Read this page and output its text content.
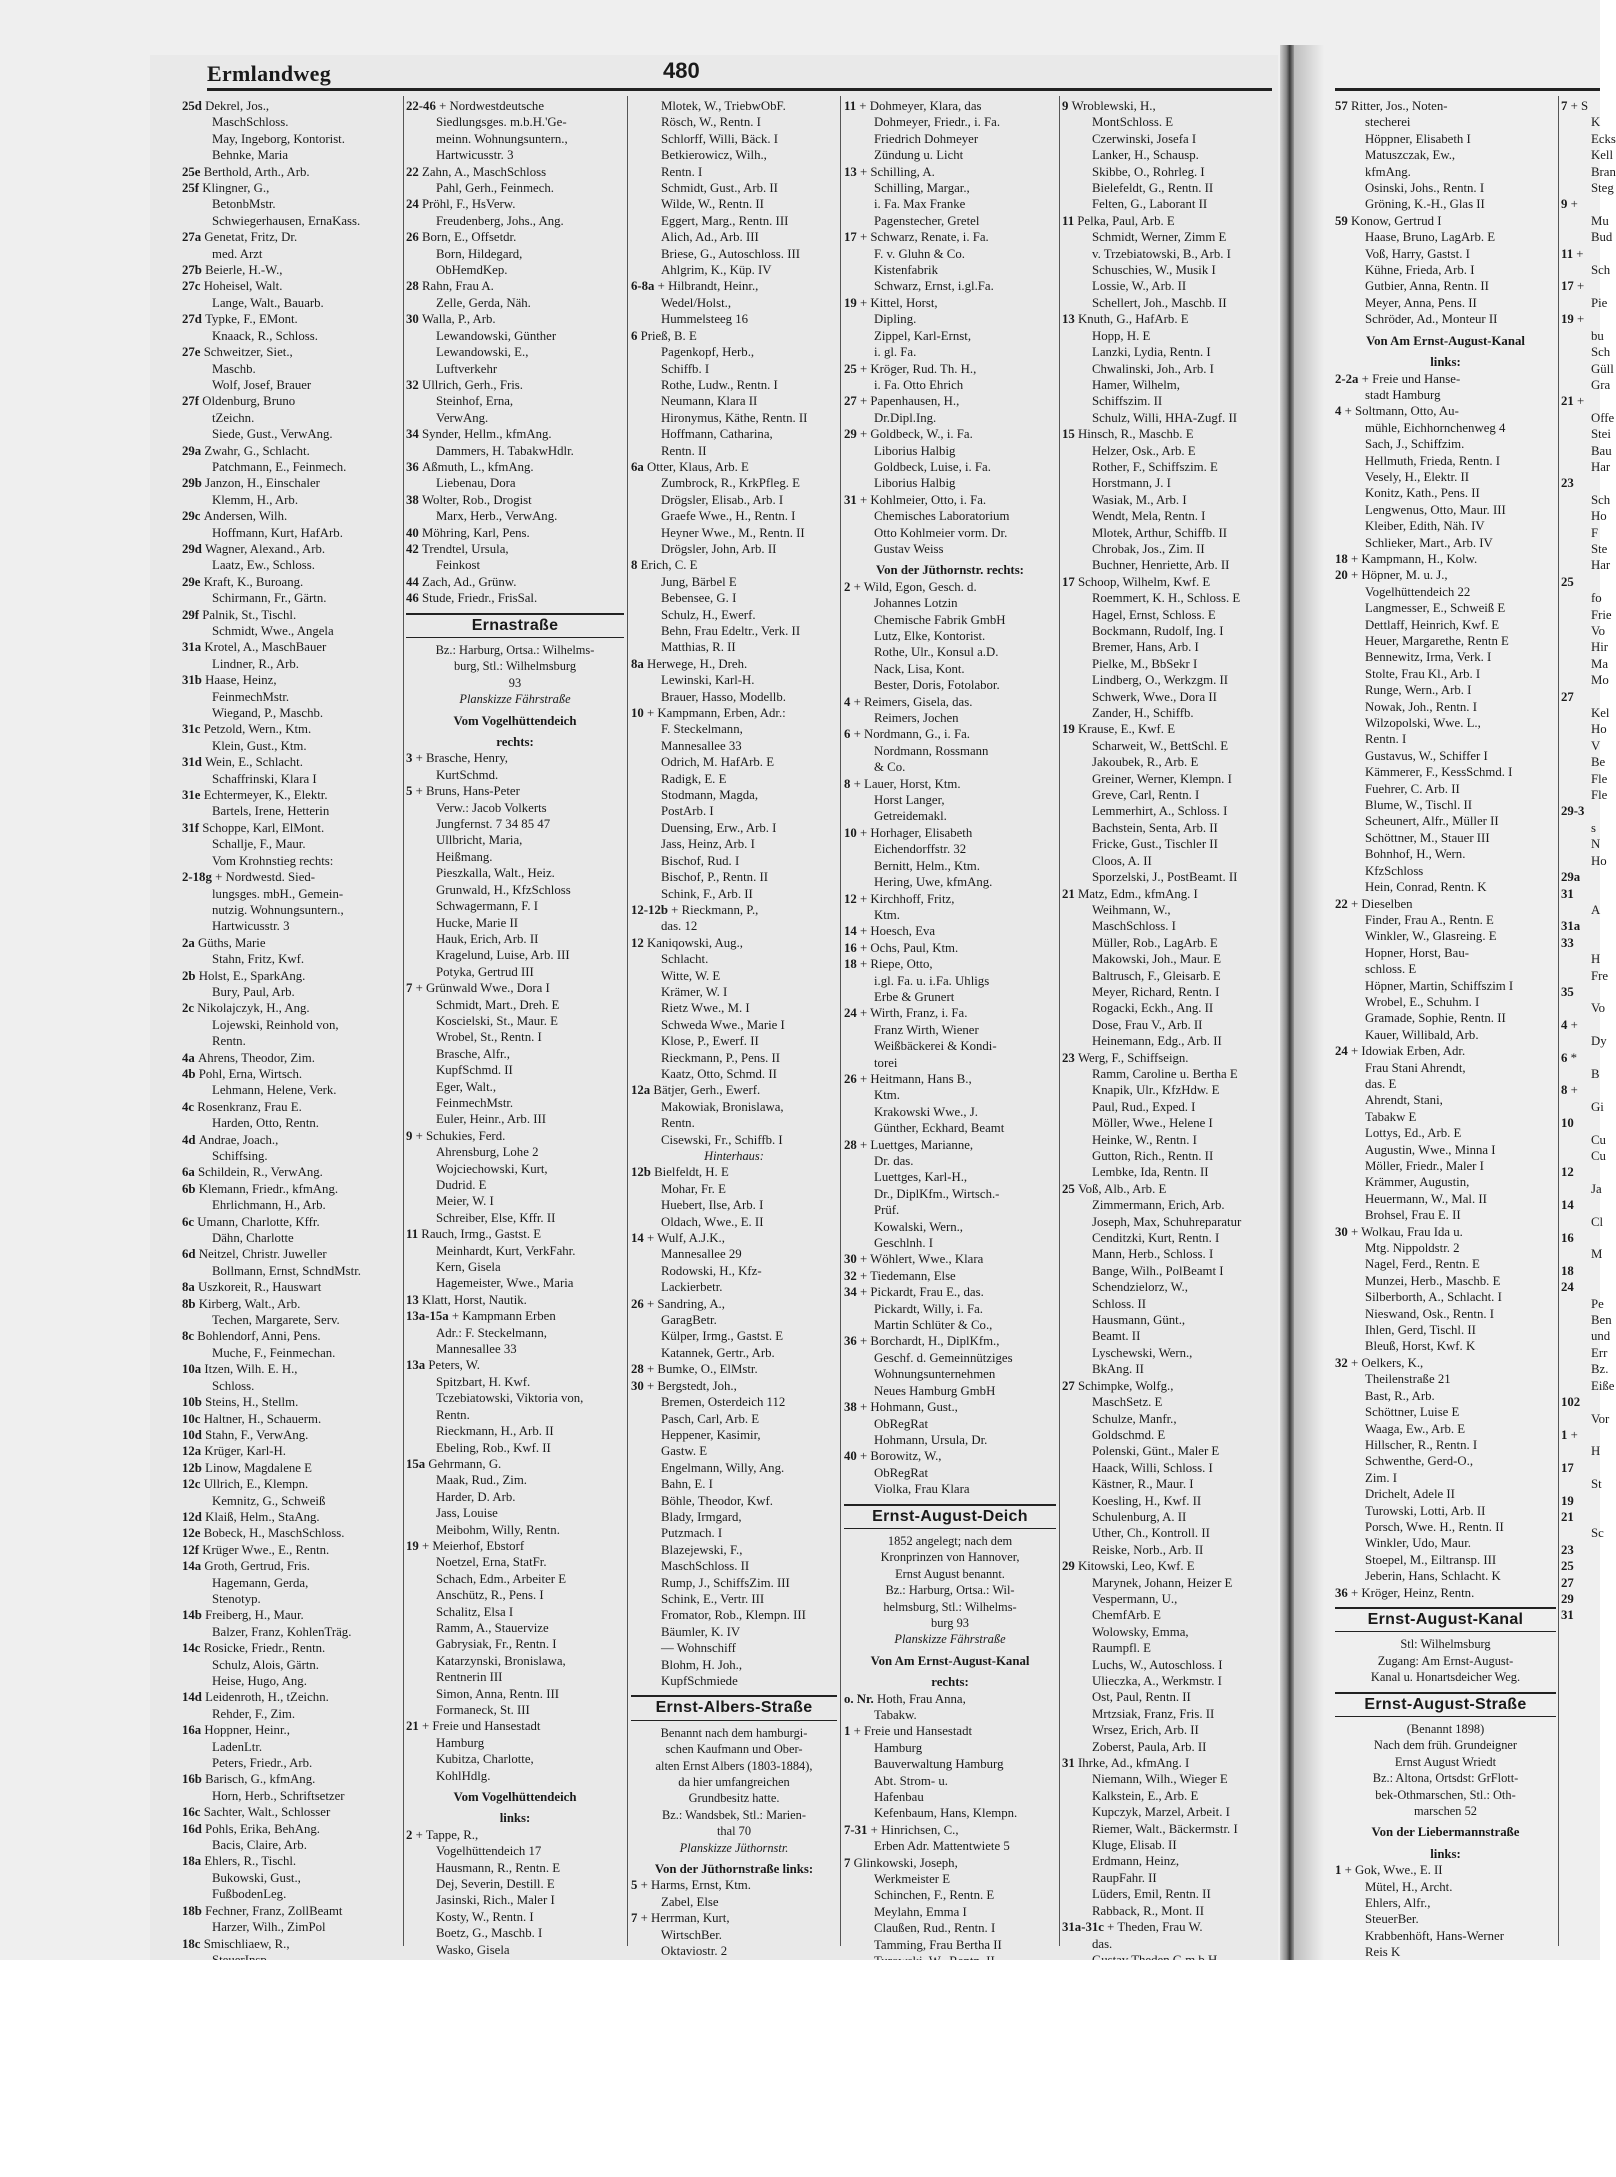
Ermlandweg	480
25d Dekrel, Jos.,
MaschSchloss.
May, Ingeborg, Kontorist.
Behnke, Maria
25e Berthold, Arth., Arb.
25f Klingner, G.,
BetonbMstr.
Schwiegerhausen, ErnaKass.
27a Genetat, Fritz, Dr.
med. Arzt
27b Beierle, H.-W.,
27c Hoheisel, Walt.
Lange, Walt., Bauarb.
27d Typke, F., EMont.
Knaack, R., Schloss.
27e Schweitzer, Siet.,
Maschb.
Wolf, Josef, Brauer
27f Oldenburg, Bruno
tZeichn.
Siede, Gust., VerwAng.
29a Zwahr, G., Schlacht.
Patchmann, E., Feinmech.
29b Janzon, H., Einschaler
Klemm, H., Arb.
29c Andersen, Wilh.
Hoffmann, Kurt, HafArb.
29d Wagner, Alexand., Arb.
Laatz, Ew., Schloss.
29e Kraft, K., Buroang.
Schirmann, Fr., Gärtn.
29f Palnik, St., Tischl.
Schmidt, Wwe., Angela
31a Krotel, A., MaschBauer
Lindner, R., Arb.
31b Haase, Heinz,
FeinmechMstr.
Wiegand, P., Maschb.
31c Petzold, Wern., Ktm.
Klein, Gust., Ktm.
31d Wein, E., Schlacht.
Schaffrinski, Klara I
31e Echtermeyer, K., Elektr.
Bartels, Irene, Hetterin
31f Schoppe, Karl, ElMont.
Schallje, F., Maur.
Vom Krohnstieg rechts:
2-18g + Nordwestd. Sied-
lungsges. mbH., Gemein-
nutzig. Wohnungsuntern.,
Hartwicusstr. 3
2a Güths, Marie
Stahn, Fritz, Kwf.
2b Holst, E., SparkAng.
Bury, Paul, Arb.
2c Nikolajczyk, H., Ang.
Lojewski, Reinhold von,
Rentn.
4a Ahrens, Theodor, Zim.
4b Pohl, Erna, Wirtsch.
Lehmann, Helene, Verk.
4c Rosenkranz, Frau E.
Harden, Otto, Rentn.
4d Andrae, Joach.,
Schiffsing.
6a Schildein, R., VerwAng.
6b Klemann, Friedr., kfmAng.
Ehrlichmann, H., Arb.
6c Umann, Charlotte, Kffr.
Dähn, Charlotte
6d Neitzel, Christr. Juweller
Bollmann, Ernst, SchndMstr.
8a Uszkoreit, R., Hauswart
8b Kirberg, Walt., Arb.
Techen, Margarete, Serv.
8c Bohlendorf, Anni, Pens.
Muche, F., Feinmechan.
10a Itzen, Wilh. E. H.,
Schloss.
10b Steins, H., Stellm.
10c Haltner, H., Schauerm.
10d Stahn, F., VerwAng.
12a Krüger, Karl-H.
12b Linow, Magdalene E
12c Ullrich, E., Klempn.
Kemnitz, G., Schweiß
12d Klaiß, Helm., StaAng.
12e Bobeck, H., MaschSchloss.
12f Krüger Wwe., E., Rentn.
14a Groth, Gertrud, Fris.
Hagemann, Gerda,
Stenotyp.
14b Freiberg, H., Maur.
Balzer, Franz, KohlenTräg.
14c Rosicke, Friedr., Rentn.
Schulz, Alois, Gärtn.
Heise, Hugo, Ang.
14d Leidenroth, H., tZeichn.
Rehder, F., Zim.
16a Hoppner, Heinr.,
LadenLtr.
Peters, Friedr., Arb.
16b Barisch, G., kfmAng.
Horn, Herb., Schriftsetzer
16c Sachter, Walt., Schlosser
16d Pohls, Erika, BehAng.
Bacis, Claire, Arb.
18a Ehlers, R., Tischl.
Bukowski, Gust.,
FußbodenLeg.
18b Fechner, Franz, ZollBeamt
Harzer, Wilh., ZimPol
18c Smischliaew, R.,
22-46 + Nordwestdeutsche
Siedlungsges. m.b.H.'Ge-
meinn. Wohnungsuntern.,
Hartwicusstr. 3
22 Zahn, A., MaschSchloss
Pahl, Gerh., Feinmech.
24 Pröhl, F., HsVerw.
Freudenberg, Johs., Ang.
26 Born, E., Offsetdr.
Born, Hildegard,
ObHemdKep.
28 Rahn, Frau A.
Zelle, Gerda, Näh.
30 Walla, P., Arb.
Lewandowski, Günther
Lewandowski, E.,
Luftverkehr
32 Ullrich, Gerh., Fris.
Steinhof, Erna,
VerwAng.
34 Synder, Hellm., kfmAng.
Dammers, H. TabakwHdlr.
36 Aßmuth, L., kfmAng.
Liebenau, Dora
38 Wolter, Rob., Drogist
Marx, Herb., VerwAng.
40 Möhring, Karl, Pens.
42 Trendtel, Ursula,
Feinkost
44 Zach, Ad., Grünw.
46 Stude, Friedr., FrisSal.
Ernastraße
Bz.: Harburg, Ortsa.: Wilhelms-
burg, Stl.: Wilhelmsburg
93
Planskizze Fährstraße
Vom Vogelhüttendeich
rechts:
3 + Brasche, Henry,
KurtSchmd.
5 + Bruns, Hans-Peter
Verw.: Jacob Volkerts
Jungfernst. 7 34 85 47
Ullbricht, Maria,
Heißmang.
Pieszkalla, Walt., Heiz.
Grunwald, H., KfzSchloss
Schwagermann, F. I
Hucke, Marie II
Hauk, Erich, Arb. II
Kragelund, Luise, Arb. III
Potyka, Gertrud III
7 + Grünwald Wwe., Dora I
Schmidt, Mart., Dreh. E
Koscielski, St., Maur. E
Wrobel, St., Rentn. I
Brasche, Alfr.,
KupfSchmd. II
Eger, Walt.,
FeinmechMstr.
Euler, Heinr., Arb. III
9 + Schukies, Ferd.
Ahrensburg, Lohe 2
Wojciechowski, Kurt,
Dudrid. E
Meier, W. I
Schreiber, Else, Kffr. II
11 Rauch, Irmg., Gastst. E
Meinhardt, Kurt, VerkFahr.
Kern, Gisela
Hagemeister, Wwe., Maria
13 Klatt, Horst, Nautik.
13a-15a + Kampmann Erben
Adr.: F. Steckelmann,
Mannesallee 33
13a Peters, W.
Spitzbart, H. Kwf.
Tczebiatowski, Viktoria von,
Rentn.
Rieckmann, H., Arb. II
Ebeling, Rob., Kwf. II
15a Gehrmann, G.
Maak, Rud., Zim.
Harder, D. Arb.
Jass, Louise
Meibohm, Willy, Rentn.
19 + Meierhof, Ebstorf
Noetzel, Erna, StatFr.
Schach, Edm., Arbeiter E
Anschütz, R., Pens. I
Schalitz, Elsa I
Ramm, A., Stauervize
Gabrysiak, Fr., Rentn. I
Katarzynski, Bronislawa,
Rentnerin III
Simon, Anna, Rentn. III
Formaneck, St. III
21 + Freie und Hansestadt
Hamburg
Kubitza, Charlotte,
KohlHdlg.
Vom Vogelhüttendeich
links:
2 + Tappe, R.,
Vogelhüttendeich 17
Hausmann, R., Rentn. E
Dej, Severin, Destill. E
Jasinski, Rich., Maler I
Kosty, W., Rentn. I
Boetz, G., Maschb. I
Wasko, Gisela
Mlotek, W., TriebwObF.
Rösch, W., Rentn. I
Schlorff, Willi, Bäck. I
Betkierowicz, Wilh.,
Rentn. I
Schmidt, Gust., Arb. II
Wilde, W., Rentn. II
Eggert, Marg., Rentn. III
Alich, Ad., Arb. III
Briese, G., Autoschloss. III
Ahlgrim, K., Küp. IV
6-8a + Hilbrandt, Heinr.,
Wedel/Holst.,
Hummelsteeg 16
6 Prieß, B. E
Pagenkopf, Herb.,
Schiffb. I
Rothe, Ludw., Rentn. I
Neumann, Klara II
Hironymus, Käthe, Rentn. II
Hoffmann, Catharina,
Rentn. II
6a Otter, Klaus, Arb. E
Zumbrock, R., KrkPfleg. E
Drögsler, Elisab., Arb. I
Graefe Wwe., H., Rentn. I
Heyner Wwe., M., Rentn. II
Drögsler, John, Arb. II
8 Erich, C. E
Jung, Bärbel E
Bebensee, G. I
Schulz, H., Ewerf.
Behn, Frau Edeltr., Verk. II
Matthias, R. II
8a Herwege, H., Dreh.
Lewinski, Karl-H.
Brauer, Hasso, Modellb.
10 + Kampmann, Erben, Adr.:
F. Steckelmann,
Mannesallee 33
Odrich, M. HafArb. E
Radigk, E. E
Stodmann, Magda,
PostArb. I
Duensing, Erw., Arb. I
Jass, Heinz, Arb. I
Bischof, Rud. I
Bischof, P., Rentn. II
Schink, F., Arb. II
12-12b + Rieckmann, P.,
das. 12
12 Kaniqowski, Aug.,
Schlacht.
Witte, W. E
Krämer, W. I
Rietz Wwe., M. I
Schweda Wwe., Marie I
Klose, P., Ewerf. II
Rieckmann, P., Pens. II
Kaatz, Otto, Schmd. II
12a Bätjer, Gerh., Ewerf.
Makowiak, Bronislawa,
Rentn.
Cisewski, Fr., Schiffb. I
Hinterhaus:
12b Bielfeldt, H. E
Mohar, Fr. E
Huebert, Ilse, Arb. I
Oldach, Wwe., E. II
14 + Wulf, A.J.K.,
Mannesallee 29
Rodowski, H., Kfz-
Lackierbetr.
26 + Sandring, A.,
GaragBetr.
Külper, Irmg., Gastst. E
Katannek, Gertr., Arb.
28 + Bumke, O., ElMstr.
30 + Bergstedt, Joh.,
Bremen, Osterdeich 112
Pasch, Carl, Arb. E
Heppener, Kasimir,
Gastw. E
Engelmann, Willy, Ang.
Bahn, E. I
Böhle, Theodor, Kwf.
Blady, Irmgard,
Putzmach. I
Blazejewski, F.,
MaschSchloss. II
Rump, J., SchiffsZim. III
Schink, E., Vertr. III
Fromator, Rob., Klempn. III
Bäumler, K. IV
— Wohnschiff
Blohm, H. Joh.,
KupfSchmiede
Ernst-Albers-Straße
Benannt nach dem hamburgi-
schen Kaufmann und Ober-
alten Ernst Albers (1803-1884),
da hier umfangreichen
Grundbesitz hatte.
Bz.: Wandsbek, Stl.: Marien-
thal 70
Planskizze Jüthornstr.
Von der Jüthornstraße links:
5 + Harms, Ernst, Ktm.
Zabel, Else
7 + Herrman, Kurt,
WirtschBer.
Oktaviostr. 2
11 + Dohmeyer, Klara, das
Dohmeyer, Friedr., i. Fa.
Friedrich Dohmeyer
Zündung u. Licht
13 + Schilling, A.
Schilling, Margar.,
i. Fa. Max Franke
Pagenstecher, Gretel
17 + Schwarz, Renate, i. Fa.
F. v. Gluhn & Co.
Kistenfabrik
Schwarz, Ernst, i.gl.Fa.
19 + Kittel, Horst,
Dipling.
Zippel, Karl-Ernst,
i. gl. Fa.
25 + Kröger, Rud. Th. H.,
i. Fa. Otto Ehrich
27 + Papenhausen, H.,
Dr.Dipl.Ing.
29 + Goldbeck, W., i. Fa.
Liborius Halbig
Goldbeck, Luise, i. Fa.
Liborius Halbig
31 + Kohlmeier, Otto, i. Fa.
Chemisches Laboratorium
Otto Kohlmeier vorm. Dr.
Gustav Weiss
Von der Jüthornstr. rechts:
2 + Wild, Egon, Gesch. d.
Johannes Lotzin
Chemische Fabrik GmbH
Lutz, Elke, Kontorist.
Rothe, Ulr., Konsul a.D.
Nack, Lisa, Kont.
Bester, Doris, Fotolabor.
4 + Reimers, Gisela, das.
Reimers, Jochen
6 + Nordmann, G., i. Fa.
Nordmann, Rossmann
& Co.
8 + Lauer, Horst, Ktm.
Horst Langer,
Getreidemakl.
10 + Horhager, Elisabeth
Eichendorffstr. 32
Bernitt, Helm., Ktm.
Hering, Uwe, kfmAng.
12 + Kirchhoff, Fritz,
Ktm.
14 + Hoesch, Eva
16 + Ochs, Paul, Ktm.
18 + Riepe, Otto,
i.gl. Fa. u. i.Fa. Uhligs
Erbe & Grunert
24 + Wirth, Franz, i. Fa.
Franz Wirth, Wiener
Weißbäckerei & Kondi-
torei
26 + Heitmann, Hans B.,
Ktm.
Krakowski Wwe., J.
Günther, Eckhard, Beamt
28 + Luettges, Marianne,
Dr. das.
Luettges, Karl-H.,
Dr., DiplKfm., Wirtsch.-
Prüf.
Kowalski, Wern.,
Geschlnh. I
30 + Wöhlert, Wwe., Klara
32 + Tiedemann, Else
34 + Pickardt, Frau E., das.
Pickardt, Willy, i. Fa.
Martin Schlüter & Co.,
36 + Borchardt, H., DiplKfm.,
Geschf. d. Gemeinnütziges
Wohnungsunternehmen
Neues Hamburg GmbH
38 + Hohmann, Gust.,
ObRegRat
Hohmann, Ursula, Dr.
40 + Borowitz, W.,
ObRegRat
Violka, Frau Klara
Ernst-August-Deich
1852 angelegt; nach dem
Kronprinzen von Hannover,
Ernst August benannt.
Bz.: Harburg, Ortsa.: Wil-
helmsburg, Stl.: Wilhelms-
burg 93
Planskizze Fährstraße
Von Am Ernst-August-Kanal
rechts:
o. Nr. Hoth, Frau Anna,
Tabakw.
1 + Freie und Hansestadt
Hamburg
Bauverwaltung Hamburg
Abt. Strom- u.
Hafenbau
Kefenbaum, Hans, Klempn.
7-31 + Hinrichsen, C.,
Erben Adr. Mattentwiete 5
7 Glinkowski, Joseph,
Werkmeister E
Schinchen, F., Rentn. E
Meylahn, Emma I
Claußen, Rud., Rentn. I
Tamming, Frau Bertha II
9 Wroblewski, H.,
MontSchloss. E
Czerwinski, Josefa I
Lanker, H., Schausp.
Skibbe, O., Rohrleg. I
Bielefeldt, G., Rentn. II
Felten, G., Laborant II
11 Pelka, Paul, Arb. E
Schmidt, Werner, Zimm E
v. Trzebiatowski, B., Arb. I
Schuschies, W., Musik I
Lossie, W., Arb. II
Schellert, Joh., Maschb. II
13 Knuth, G., HafArb. E
Hopp, H. E
Lanzki, Lydia, Rentn. I
Chwalinski, Joh., Arb. I
Hamer, Wilhelm,
Schiffszim. II
Schulz, Willi, HHA-Zugf. II
15 Hinsch, R., Maschb. E
Helzer, Osk., Arb. E
Rother, F., Schiffszim. E
Horstmann, J. I
Wasiak, M., Arb. I
Wendt, Mela, Rentn. I
Mlotek, Arthur, Schiffb. II
Chrobak, Jos., Zim. II
Buchner, Henriette, Arb. II
17 Schoop, Wilhelm, Kwf. E
Roemmert, K. H., Schloss. E
Hagel, Ernst, Schloss. E
Bockmann, Rudolf, Ing. I
Bremer, Hans, Arb. I
Pielke, M., BbSekr I
Lindberg, O., Werkzgm. II
Schwerk, Wwe., Dora II
Zander, H., Schiffb.
19 Krause, E., Kwf. E
Scharweit, W., BettSchl. E
Jakoubek, R., Arb. E
Greiner, Werner, Klempn. I
Greve, Carl, Rentn. I
Lemmerhirt, A., Schloss. I
Bachstein, Senta, Arb. II
Fricke, Gust., Tischler II
Cloos, A. II
Sporzelski, J., PostBeamt. II
21 Matz, Edm., kfmAng. I
Weihmann, W.,
MaschSchloss. I
Müller, Rob., LagArb. E
Makowski, Joh., Maur. E
Baltrusch, F., Gleisarb. E
Meyer, Richard, Rentn. I
Rogacki, Eckh., Ang. II
Dose, Frau V., Arb. II
Heinemann, Edg., Arb. II
23 Werg, F., Schiffseign.
Ramm, Caroline u. Bertha E
Knapik, Ulr., KfzHdw. E
Paul, Rud., Exped. I
Möller, Wwe., Helene I
Heinke, W., Rentn. I
Gutton, Rich., Rentn. II
Lembke, Ida, Rentn. II
25 Voß, Alb., Arb. E
Zimmermann, Erich, Arb.
Joseph, Max, Schuhreparatur
Cenditzki, Kurt, Rentn. I
Mann, Herb., Schloss. I
Bange, Wilh., PolBeamt I
Schendzielorz, W.,
Schloss. II
Hausmann, Günt.,
Beamt. II
Lyschewski, Wern.,
BkAng. II
27 Schimpke, Wolfg.,
MaschSetz. E
Schulze, Manfr.,
Goldschmd. E
Polenski, Günt., Maler E
Haack, Willi, Schloss. I
Kästner, R., Maur. I
Koesling, H., Kwf. II
Schulenburg, A. II
Uther, Ch., Kontroll. II
Reiske, Norb., Arb. II
29 Kitowski, Leo, Kwf. E
Marynek, Johann, Heizer E
Vespermann, U.,
ChemfArb. E
Wolowsky, Emma,
Raumpfl. E
Luchs, W., Autoschloss. I
Ulieczka, A., Werkmstr. I
Ost, Paul, Rentn. II
Mrtzsiak, Franz, Fris. II
Wrsez, Erich, Arb. II
Zoberst, Paula, Arb. II
31 Ihrke, Ad., kfmAng. I
Niemann, Wilh., Wieger E
Kalkstein, E., Arb. E
Kupczyk, Marzel, Arbeit. I
Riemer, Walt., Bäckermstr. I
Kluge, Elisab. II
Erdmann, Heinz,
RaupFahr. II
Lüders, Emil, Rentn. II
Rabback, R., Mont. II
31a-31c + Theden, Frau W.
das.
57 Ritter, Jos., Noten-
stecherei
Höppner, Elisabeth I
Matuszczak, Ew.,
kfmAng.
Osinski, Johs., Rentn. I
Gröning, K.-H., Glas II
59 Konow, Gertrud I
Haase, Bruno, LagArb. E
Voß, Harry, Gastst. I
Kühne, Frieda, Arb. I
Gutbier, Anna, Rentn. II
Meyer, Anna, Pens. II
Schröder, Ad., Monteur II
Von Am Ernst-August-Kanal
links:
2-2a + Freie und Hanse-
stadt Hamburg
4 + Soltmann, Otto, Au-
mühle, Eichhornchenweg 4
Sach, J., Schiffzim.
Hellmuth, Frieda, Rentn. I
Vesely, H., Elektr. II
Konitz, Kath., Pens. II
Lengwenus, Otto, Maur. III
Kleiber, Edith, Näh. IV
Schlieker, Mart., Arb. IV
18 + Kampmann, H., Kolw.
20 + Höpner, M. u. J.,
Vogelhüttendeich 22
Langmesser, E., Schweiß E
Dettlaff, Heinrich, Kwf. E
Heuer, Margarethe, Rentn E
Bennewitz, Irma, Verk. I
Stolte, Frau Kl., Arb. I
Runge, Wern., Arb. I
Nowak, Joh., Rentn. I
Wilzopolski, Wwe. L.,
Rentn. I
Gustavus, W., Schiffer I
Kämmerer, F., KessSchmd. I
Fuehrer, C. Arb. II
Blume, W., Tischl. II
Scheunert, Alfr., Müller II
Schöttner, M., Stauer III
Bohnhof, H., Wern.
KfzSchloss
Hein, Conrad, Rentn. K
22 + Dieselben
Finder, Frau A., Rentn. E
Winkler, W., Glasreing. E
Hopner, Horst, Bau-
schloss. E
Höpner, Martin, Schiffszim I
Wrobel, E., Schuhm. I
Gramade, Sophie, Rentn. II
Kauer, Willibald, Arb.
24 + Idowiak Erben, Adr.
Frau Stani Ahrendt,
das. E
Ahrendt, Stani,
Tabakw E
Lottys, Ed., Arb. E
Augustin, Wwe., Minna I
Möller, Friedr., Maler I
Krämmer, Augustin,
Heuermann, W., Mal. II
Brohsel, Frau E. II
30 + Wolkau, Frau Ida u.
Mtg. Nippoldstr. 2
Nagel, Ferd., Rentn. E
Munzei, Herb., Maschb. E
Silberborth, A., Schlacht. I
Nieswand, Osk., Rentn. I
Ihlen, Gerd, Tischl. II
Bleuß, Horst, Kwf. K
32 + Oelkers, K.,
Theilenstraße 21
Bast, R., Arb.
Schöttner, Luise E
Waaga, Ew., Arb. E
Hillscher, R., Rentn. I
Schwenthe, Gerd-O.,
Zim. I
Drichelt, Adele II
Turowski, Lotti, Arb. II
Porsch, Wwe. H., Rentn. II
Winkler, Udo, Maur.
Stoepel, M., Eiltransp. III
Jeberin, Hans, Schlacht. K
36 + Kröger, Heinz, Rentn.
Ernst-August-Kanal
Stl: Wilhelmsburg
Zugang: Am Ernst-August-
Kanal u. Honartsdeicher Weg.
Ernst-August-Straße
(Benannt 1898)
Nach dem früh. Grundeigner
Ernst August Wriedt
Bz.: Altona, Ortsdst: GrFlott-
bek-Othmarschen, Stl.: Oth-
marschen 52
Von der Liebermannstraße
links:
1 + Gok, Wwe., E. II
Mütel, H., Archt.
Ehlers, Alfr.,
SteuerBer.
Krabbenhöft, Hans-Werner
Reis K
7 + S
K
Ecks
Kell
Bran
Steg
9 +
Mu
Bud
11 +
Sch
17 +
Pie
19 +
bu
Sch
Güll
Gra
21 +
Offe
Stei
Bau
Har
23
Sch
Ho
F
Ste
Har
25
fo
Frie
Vo
Hir
Ma
Mo
27
Kel
Ho
V
Be
Fle
Fle
29-3
s
N
Ho
29a
31
A
31a
33
H
Fre
35
Vo
4 +
Dy
6 *
B
8 +
Gi
10
Cu
Cu
12
Ja
14
Cl
16
M
18
24
Pe
Ben
und
Err
Bz.
Eiße
102
Vor
1 +
H
17
St
19
21
Sc
23
25
27
29
31
